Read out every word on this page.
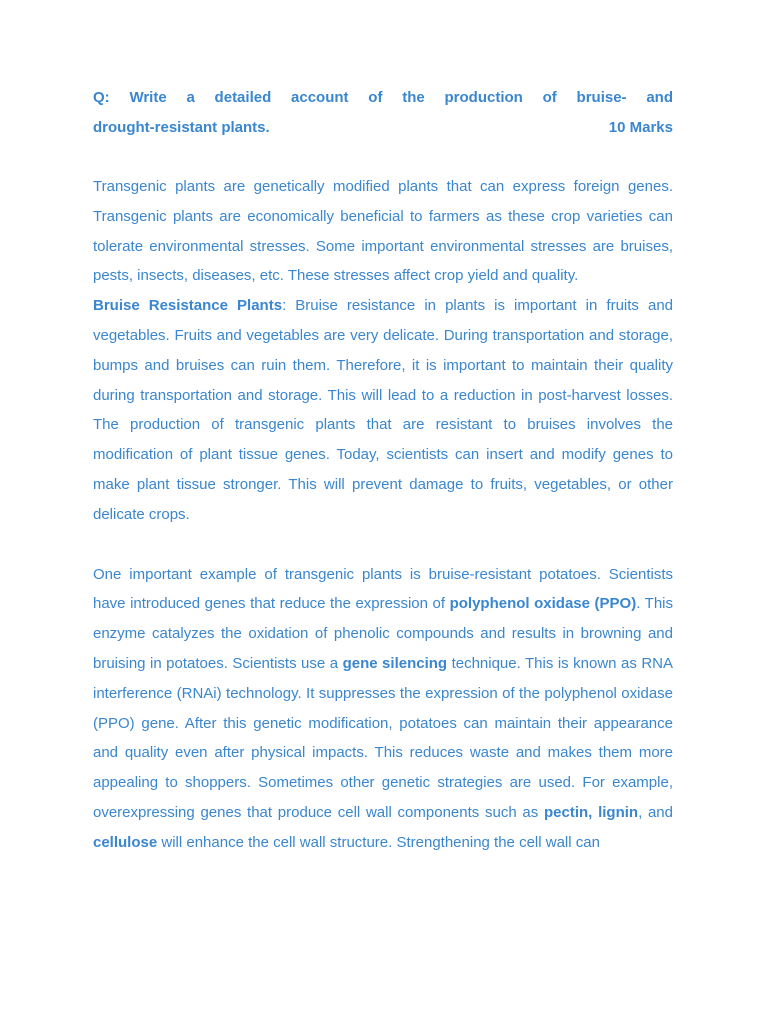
Q: Write a detailed account of the production of bruise- and
drought-resistant plants.	10 Marks

Transgenic plants are genetically modified plants that can express foreign genes. Transgenic plants are economically beneficial to farmers as these crop varieties can tolerate environmental stresses. Some important environmental stresses are bruises, pests, insects, diseases, etc. These stresses affect crop yield and quality.

Bruise Resistance Plants: Bruise resistance in plants is important in fruits and vegetables. Fruits and vegetables are very delicate. During transportation and storage, bumps and bruises can ruin them. Therefore, it is important to maintain their quality during transportation and storage. This will lead to a reduction in post-harvest losses. The production of transgenic plants that are resistant to bruises involves the modification of plant tissue genes. Today, scientists can insert and modify genes to make plant tissue stronger. This will prevent damage to fruits, vegetables, or other delicate crops.

One important example of transgenic plants is bruise-resistant potatoes. Scientists have introduced genes that reduce the expression of polyphenol oxidase (PPO). This enzyme catalyzes the oxidation of phenolic compounds and results in browning and bruising in potatoes. Scientists use a gene silencing technique. This is known as RNA interference (RNAi) technology. It suppresses the expression of the polyphenol oxidase (PPO) gene. After this genetic modification, potatoes can maintain their appearance and quality even after physical impacts. This reduces waste and makes them more appealing to shoppers. Sometimes other genetic strategies are used. For example, overexpressing genes that produce cell wall components such as pectin, lignin, and cellulose will enhance the cell wall structure. Strengthening the cell wall can
